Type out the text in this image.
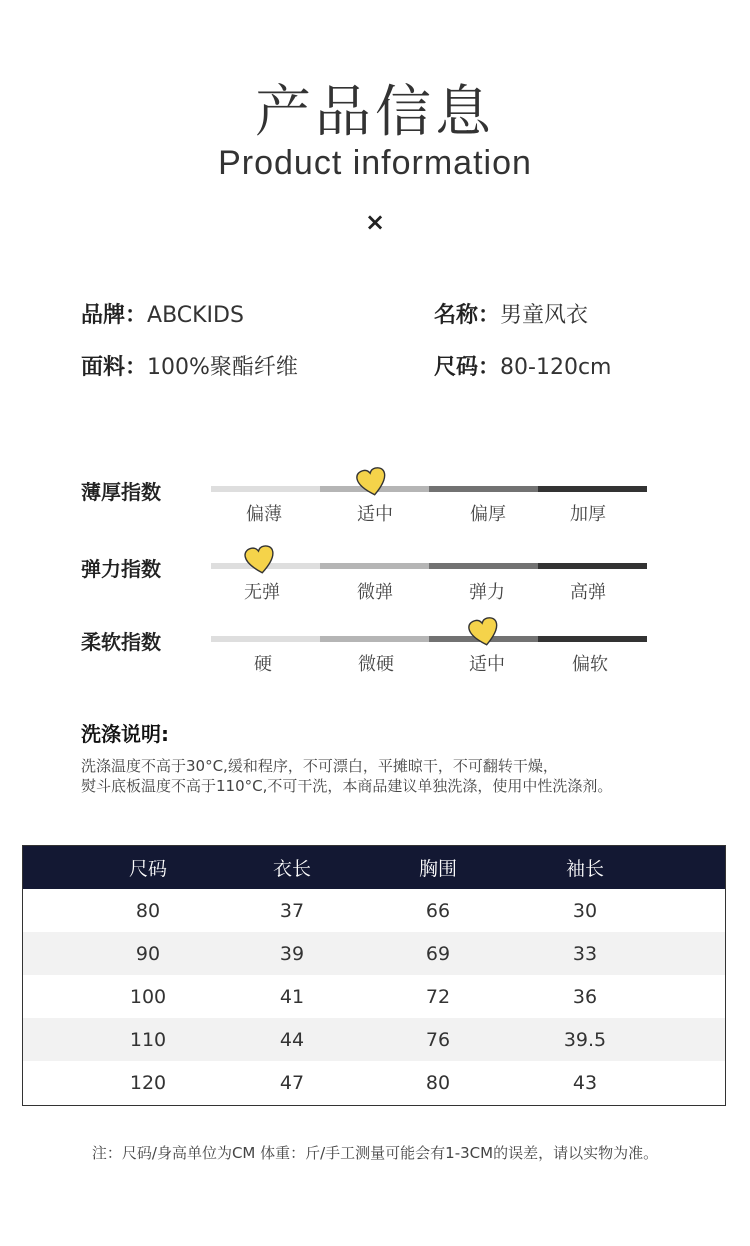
产品信息
Product information
×
品牌：ABCKIDS	名称：男童风衣
面料：100%聚酯纤维	尺码：80-120cm
薄厚指数
偏薄	适中	偏厚	加厚
弹力指数
无弹	微弹	弹力	高弹
柔软指数
硬	微硬	适中	偏软
洗涤说明:
洗涤温度不高于30°C,缓和程序，不可漂白，平摊晾干，不可翻转干燥，
熨斗底板温度不高于110°C,不可干洗，本商品建议单独洗涤，使用中性洗涤剂。
尺码	衣长	胸围	袖长
80	37	66	30
90	39	69	33
100	41	72	36
110	44	76	39.5
120	47	80	43
注：尺码/身高单位为CM 体重：斤/手工测量可能会有1-3CM的误差，请以实物为准。
